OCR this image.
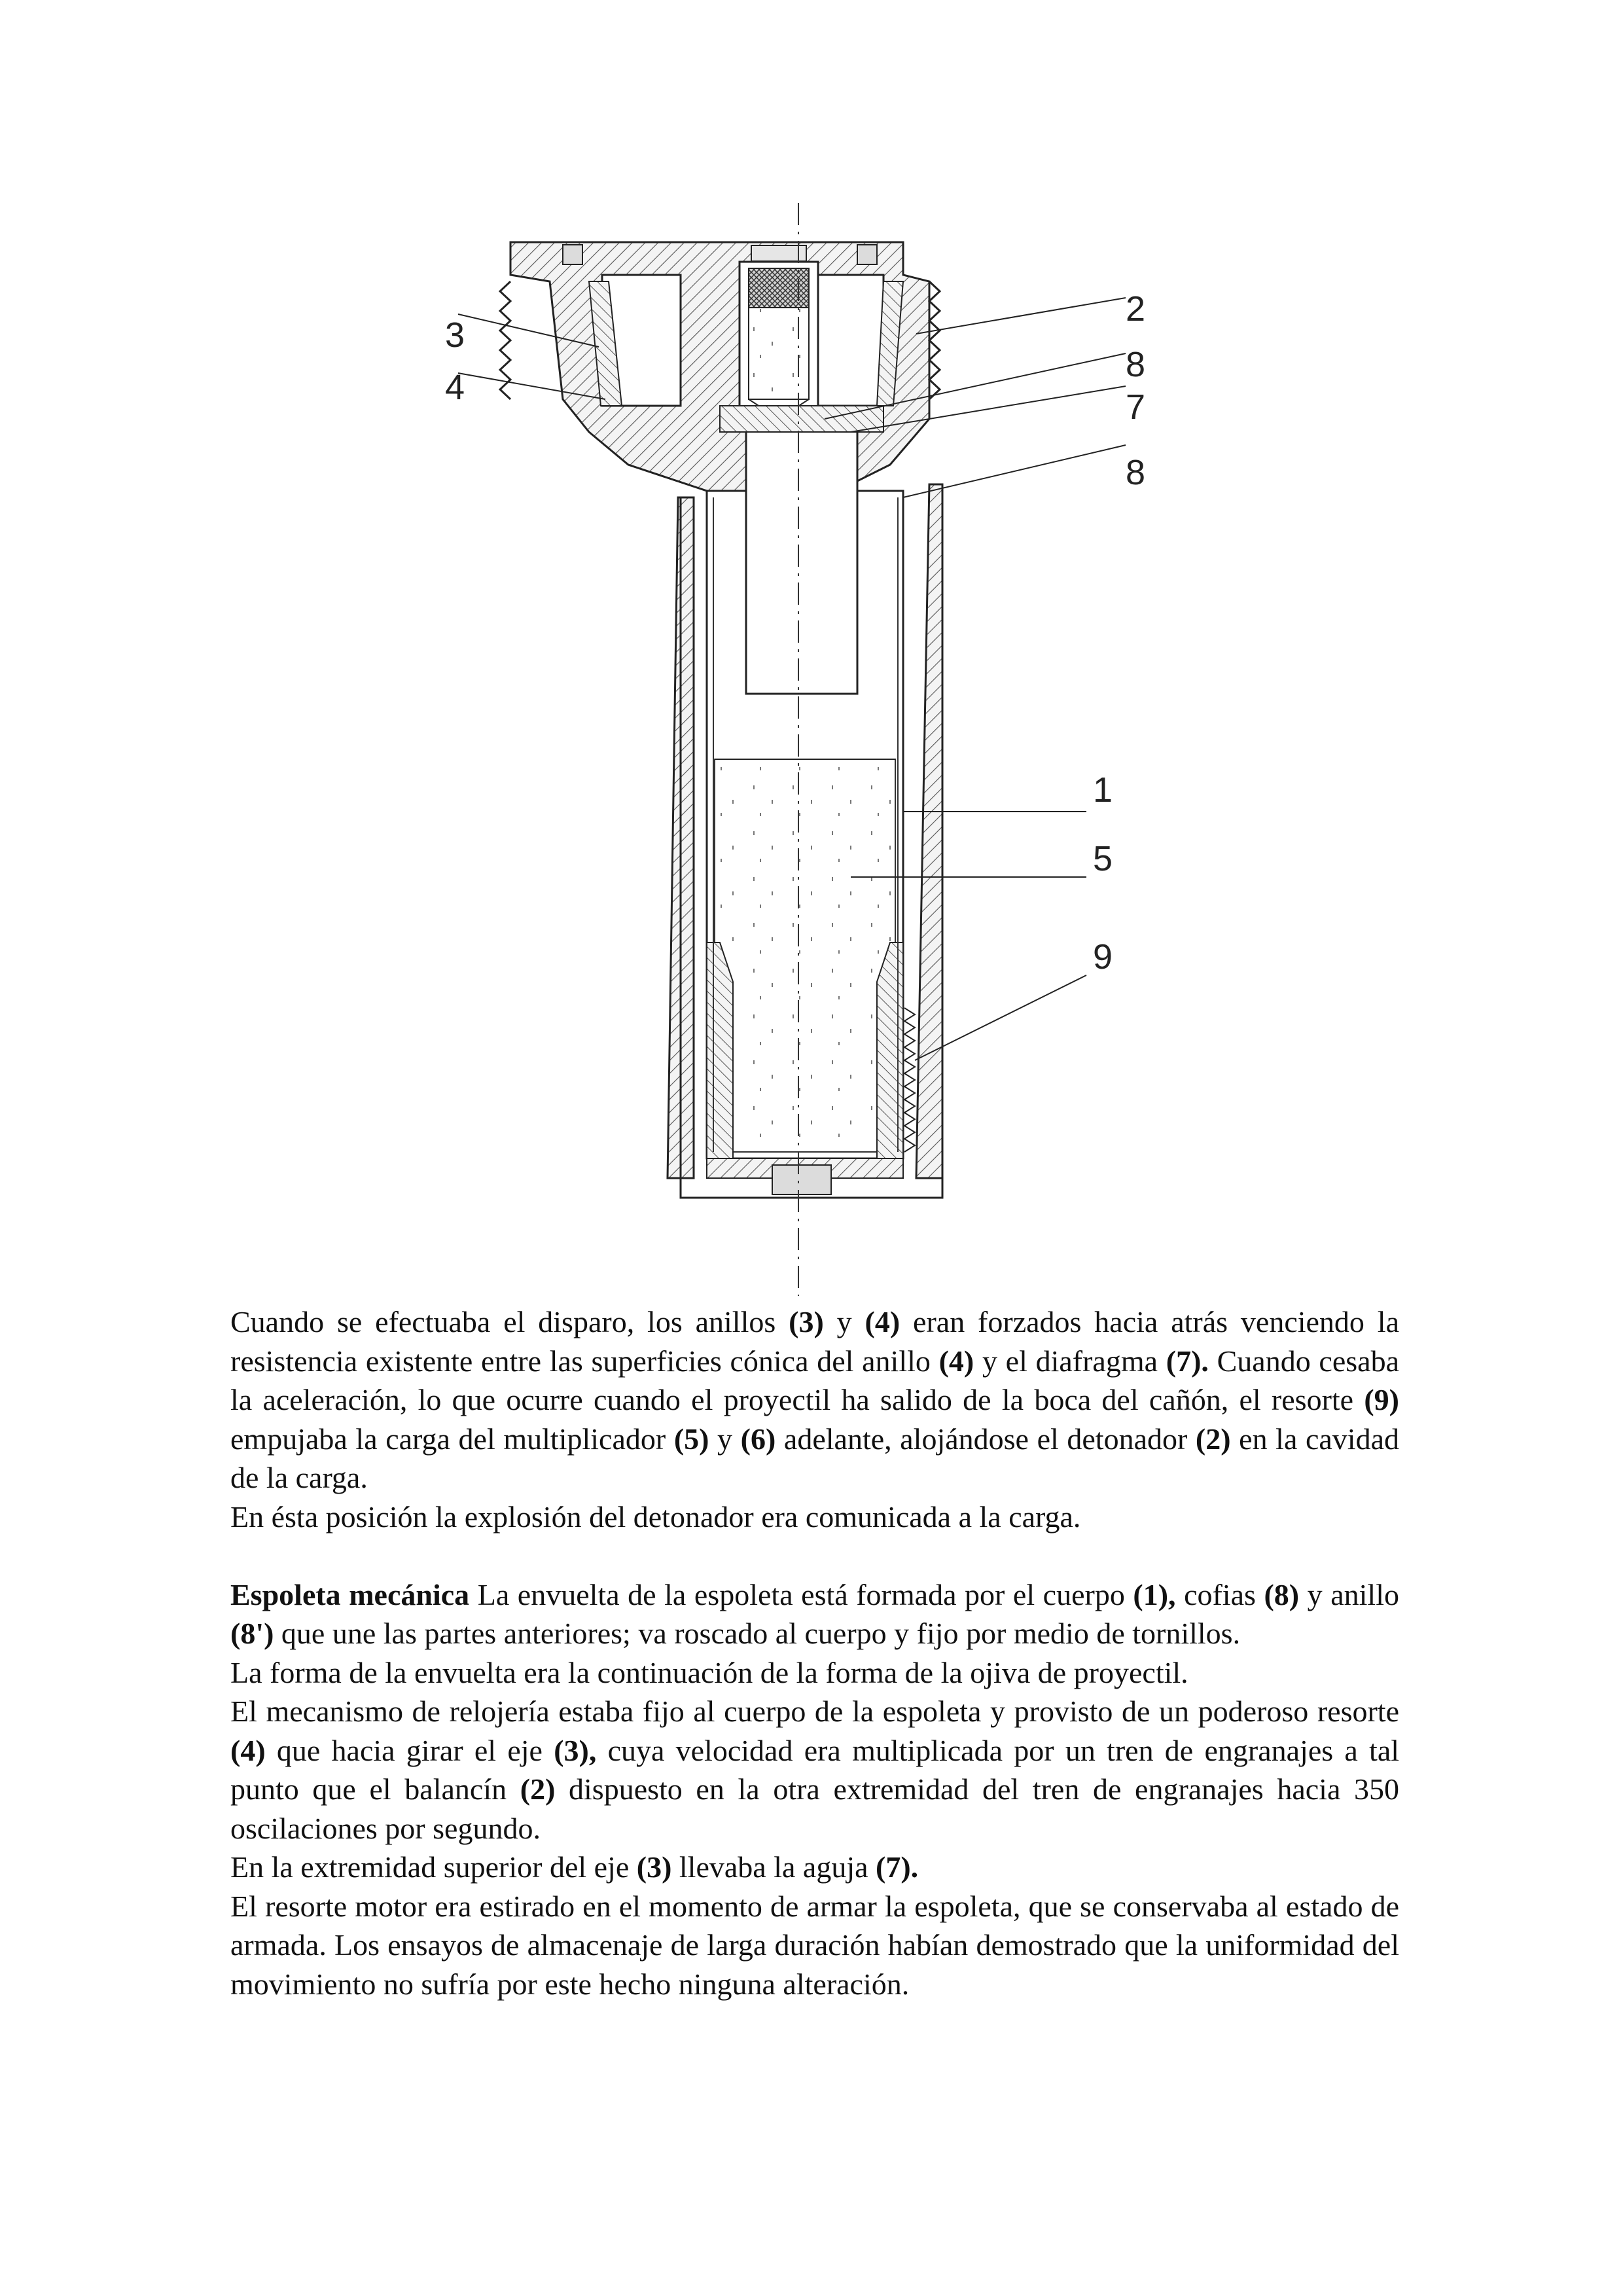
3
4
2
8
7
8
1
5
9

Cuando se efectuaba el disparo, los anillos (3) y (4) eran forzados hacia atrás venciendo la resistencia existente entre las superficies cónica del anillo (4) y el diafragma (7). Cuando cesaba la aceleración, lo que ocurre cuando el proyectil ha salido de la boca del cañón, el resorte (9) empujaba la carga del multiplicador (5) y (6) adelante, alojándose el detonador (2) en la cavidad de la carga.

En ésta posición la explosión del detonador era comunicada a la carga.

Espoleta mecánica La envuelta de la espoleta está formada por el cuerpo (1), cofias (8) y anillo (8') que une las partes anteriores; va roscado al cuerpo y fijo por medio de tornillos.

La forma de la envuelta era la continuación de la forma de la ojiva de proyectil.

El mecanismo de relojería estaba fijo al cuerpo de la espoleta y provisto de un poderoso resorte (4) que hacia girar el eje (3), cuya velocidad era multiplicada por un tren de engranajes a tal punto que el balancín (2) dispuesto en la otra extremidad del tren de engranajes hacia 350 oscilaciones por segundo.

En la extremidad superior del eje (3) llevaba la aguja (7).

El resorte motor era estirado en el momento de armar la espoleta, que se conservaba al estado de armada. Los ensayos de almacenaje de larga duración habían demostrado que la uniformidad del movimiento no sufría por este hecho ninguna alteración.
